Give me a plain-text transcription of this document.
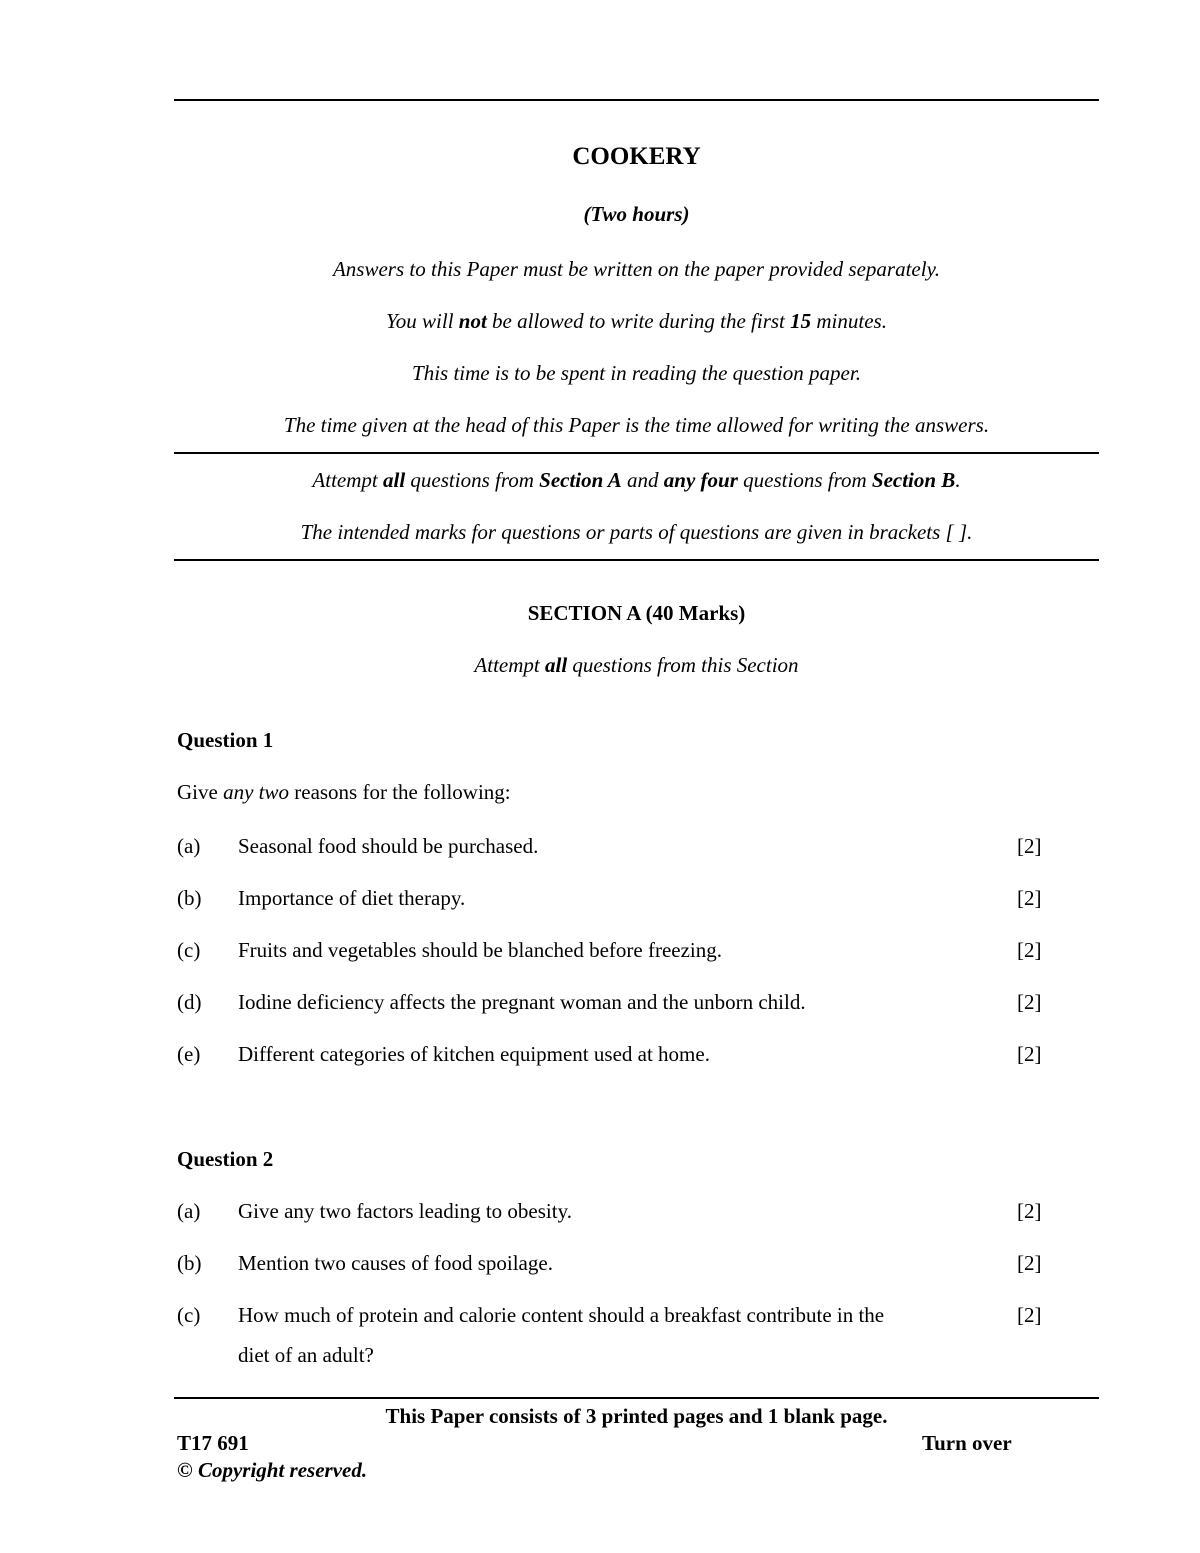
COOKERY
(Two hours)
Answers to this Paper must be written on the paper provided separately.
You will not be allowed to write during the first 15 minutes.
This time is to be spent in reading the question paper.
The time given at the head of this Paper is the time allowed for writing the answers.
Attempt all questions from Section A and any four questions from Section B.
The intended marks for questions or parts of questions are given in brackets [ ].
SECTION A (40 Marks)
Attempt all questions from this Section
Question 1
Give any two reasons for the following:
(a) Seasonal food should be purchased.	[2]
(b) Importance of diet therapy.	[2]
(c) Fruits and vegetables should be blanched before freezing.	[2]
(d) Iodine deficiency affects the pregnant woman and the unborn child.	[2]
(e) Different categories of kitchen equipment used at home.	[2]
Question 2
(a) Give any two factors leading to obesity.	[2]
(b) Mention two causes of food spoilage.	[2]
(c) How much of protein and calorie content should a breakfast contribute in the
diet of an adult?
[2]
This Paper consists of 3 printed pages and 1 blank page.
T17 691	Turn over
© Copyright reserved.
